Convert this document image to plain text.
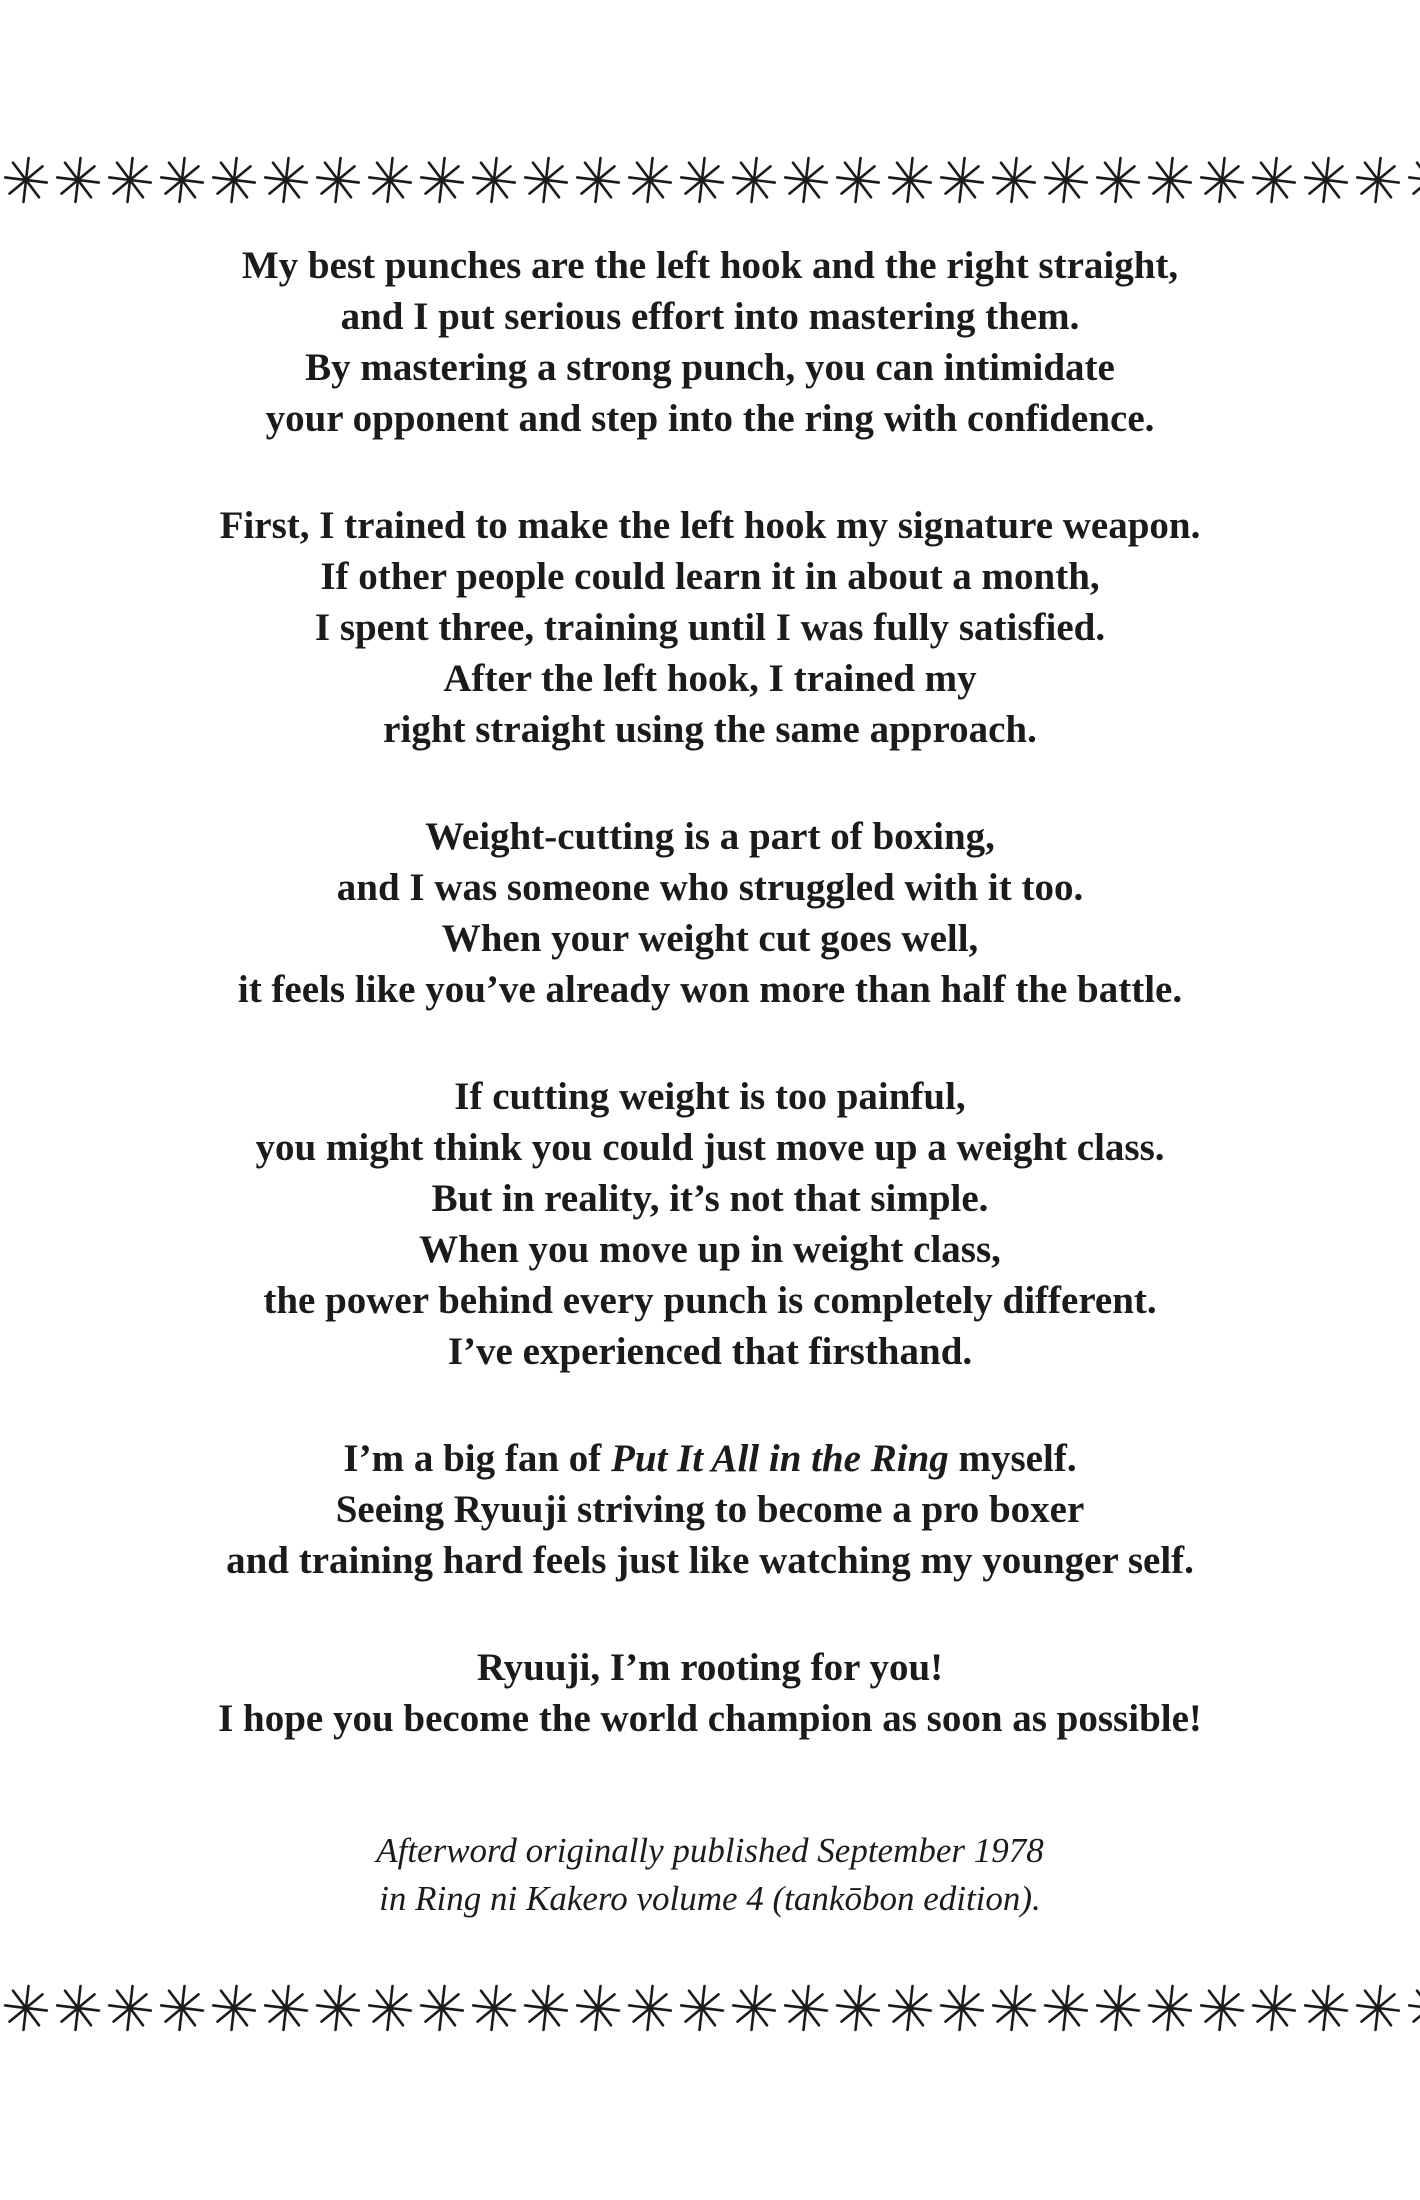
My best punches are the left hook and the right straight,
and I put serious effort into mastering them.
By mastering a strong punch, you can intimidate
your opponent and step into the ring with confidence.

First, I trained to make the left hook my signature weapon.
If other people could learn it in about a month,
I spent three, training until I was fully satisfied.
After the left hook, I trained my
right straight using the same approach.

Weight-cutting is a part of boxing,
and I was someone who struggled with it too.
When your weight cut goes well,
it feels like you’ve already won more than half the battle.

If cutting weight is too painful,
you might think you could just move up a weight class.
But in reality, it’s not that simple.
When you move up in weight class,
the power behind every punch is completely different.
I’ve experienced that firsthand.

I’m a big fan of Put It All in the Ring myself.
Seeing Ryuuji striving to become a pro boxer
and training hard feels just like watching my younger self.

Ryuuji, I’m rooting for you!
I hope you become the world champion as soon as possible!

Afterword originally published September 1978
in Ring ni Kakero volume 4 (tankōbon edition).
